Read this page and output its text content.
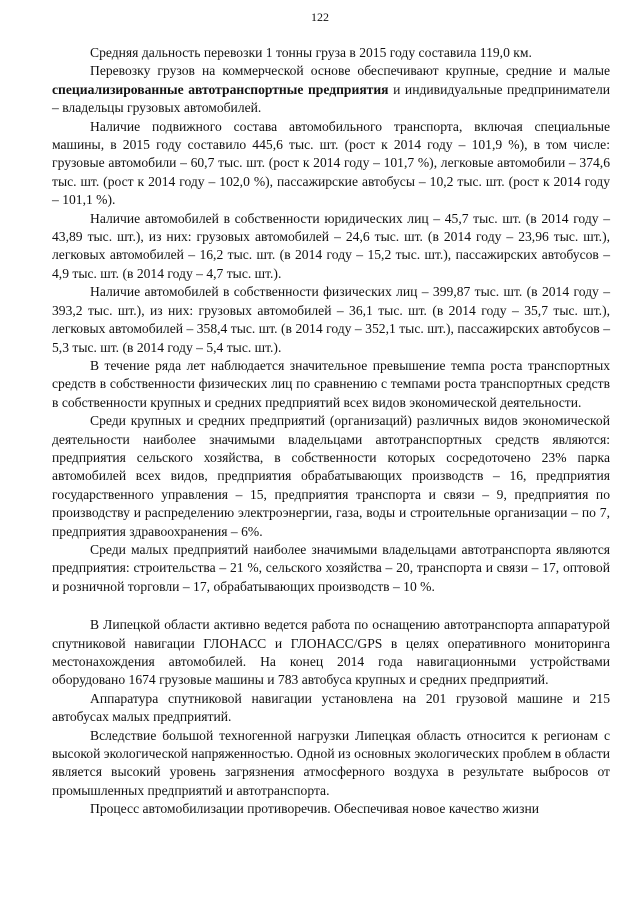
122

Средняя дальность перевозки 1 тонны груза в 2015 году составила 119,0 км.

Перевозку грузов на коммерческой основе обеспечивают крупные, средние и малые специализированные автотранспортные предприятия и индивидуальные предприниматели – владельцы грузовых автомобилей.

Наличие подвижного состава автомобильного транспорта, включая специальные машины, в 2015 году составило 445,6 тыс. шт. (рост к 2014 году – 101,9 %), в том числе: грузовые автомобили – 60,7 тыс. шт. (рост к 2014 году – 101,7 %), легковые автомобили – 374,6 тыс. шт. (рост к 2014 году – 102,0 %), пассажирские автобусы – 10,2 тыс. шт. (рост к 2014 году – 101,1 %).

Наличие автомобилей в собственности юридических лиц – 45,7 тыс. шт. (в 2014 году – 43,89 тыс. шт.), из них: грузовых автомобилей – 24,6 тыс. шт. (в 2014 году – 23,96 тыс. шт.), легковых автомобилей – 16,2 тыс. шт. (в 2014 году – 15,2 тыс. шт.), пассажирских автобусов – 4,9 тыс. шт. (в 2014 году – 4,7 тыс. шт.).

Наличие автомобилей в собственности физических лиц – 399,87 тыс. шт. (в 2014 году – 393,2 тыс. шт.), из них: грузовых автомобилей – 36,1 тыс. шт. (в 2014 году – 35,7 тыс. шт.), легковых автомобилей – 358,4 тыс. шт. (в 2014 году – 352,1 тыс. шт.), пассажирских автобусов – 5,3 тыс. шт. (в 2014 году – 5,4 тыс. шт.).

В течение ряда лет наблюдается значительное превышение темпа роста транспортных средств в собственности физических лиц по сравнению с темпами роста транспортных средств в собственности крупных и средних предприятий всех видов экономической деятельности.

Среди крупных и средних предприятий (организаций) различных видов экономической деятельности наиболее значимыми владельцами автотранспортных средств являются: предприятия сельского хозяйства, в собственности которых сосредоточено 23% парка автомобилей всех видов, предприятия обрабатывающих производств – 16, предприятия государственного управления – 15, предприятия транспорта и связи – 9, предприятия по производству и распределению электроэнергии, газа, воды и строительные организации – по 7, предприятия здравоохранения – 6%.

Среди малых предприятий наиболее значимыми владельцами автотранспорта являются предприятия: строительства – 21 %, сельского хозяйства – 20, транспорта и связи – 17, оптовой и розничной торговли – 17, обрабатывающих производств – 10 %.

В Липецкой области активно ведется работа по оснащению автотранспорта аппаратурой спутниковой навигации ГЛОНАСС и ГЛОНАСС/GPS в целях оперативного мониторинга местонахождения автомобилей. На конец 2014 года навигационными устройствами оборудовано 1674 грузовые машины и 783 автобуса крупных и средних предприятий.

Аппаратура спутниковой навигации установлена на 201 грузовой машине и 215 автобусах малых предприятий.

Вследствие большой техногенной нагрузки Липецкая область относится к регионам с высокой экологической напряженностью. Одной из основных экологических проблем в области является высокий уровень загрязнения атмосферного воздуха в результате выбросов от промышленных предприятий и автотранспорта.

Процесс автомобилизации противоречив. Обеспечивая новое качество жизни
